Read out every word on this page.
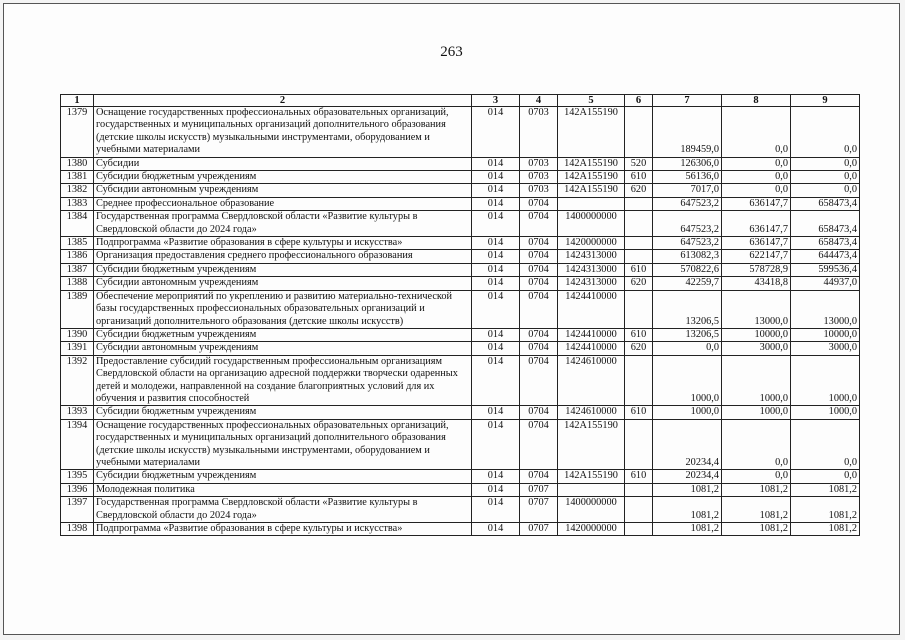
263
1	2	3	4	5	6	7	8	9
1379	Оснащение государственных профессиональных образовательных организаций, государственных и муниципальных организаций дополнительного образования (детские школы искусств) музыкальными инструментами, оборудованием и учебными материалами	014	0703	142A155190		189459,0	0,0	0,0
1380	Субсидии	014	0703	142A155190	520	126306,0	0,0	0,0
1381	Субсидии бюджетным учреждениям	014	0703	142A155190	610	56136,0	0,0	0,0
1382	Субсидии автономным учреждениям	014	0703	142A155190	620	7017,0	0,0	0,0
1383	Среднее профессиональное образование	014	0704			647523,2	636147,7	658473,4
1384	Государственная программа Свердловской области «Развитие культуры в Свердловской области до 2024 года»	014	0704	1400000000		647523,2	636147,7	658473,4
1385	Подпрограмма «Развитие образования в сфере культуры и искусства»	014	0704	1420000000		647523,2	636147,7	658473,4
1386	Организация предоставления среднего профессионального образования	014	0704	1424313000		613082,3	622147,7	644473,4
1387	Субсидии бюджетным учреждениям	014	0704	1424313000	610	570822,6	578728,9	599536,4
1388	Субсидии автономным учреждениям	014	0704	1424313000	620	42259,7	43418,8	44937,0
1389	Обеспечение мероприятий по укреплению и развитию материально-технической базы государственных профессиональных образовательных организаций и организаций дополнительного образования (детские школы искусств)	014	0704	1424410000		13206,5	13000,0	13000,0
1390	Субсидии бюджетным учреждениям	014	0704	1424410000	610	13206,5	10000,0	10000,0
1391	Субсидии автономным учреждениям	014	0704	1424410000	620	0,0	3000,0	3000,0
1392	Предоставление субсидий государственным профессиональным организациям Свердловской области на организацию адресной поддержки творчески одаренных детей и молодежи, направленной на создание благоприятных условий для их обучения и развития способностей	014	0704	1424610000		1000,0	1000,0	1000,0
1393	Субсидии бюджетным учреждениям	014	0704	1424610000	610	1000,0	1000,0	1000,0
1394	Оснащение государственных профессиональных образовательных организаций, государственных и муниципальных организаций дополнительного образования (детские школы искусств) музыкальными инструментами, оборудованием и учебными материалами	014	0704	142A155190		20234,4	0,0	0,0
1395	Субсидии бюджетным учреждениям	014	0704	142A155190	610	20234,4	0,0	0,0
1396	Молодежная политика	014	0707			1081,2	1081,2	1081,2
1397	Государственная программа Свердловской области «Развитие культуры в Свердловской области до 2024 года»	014	0707	1400000000		1081,2	1081,2	1081,2
1398	Подпрограмма «Развитие образования в сфере культуры и искусства»	014	0707	1420000000		1081,2	1081,2	1081,2
